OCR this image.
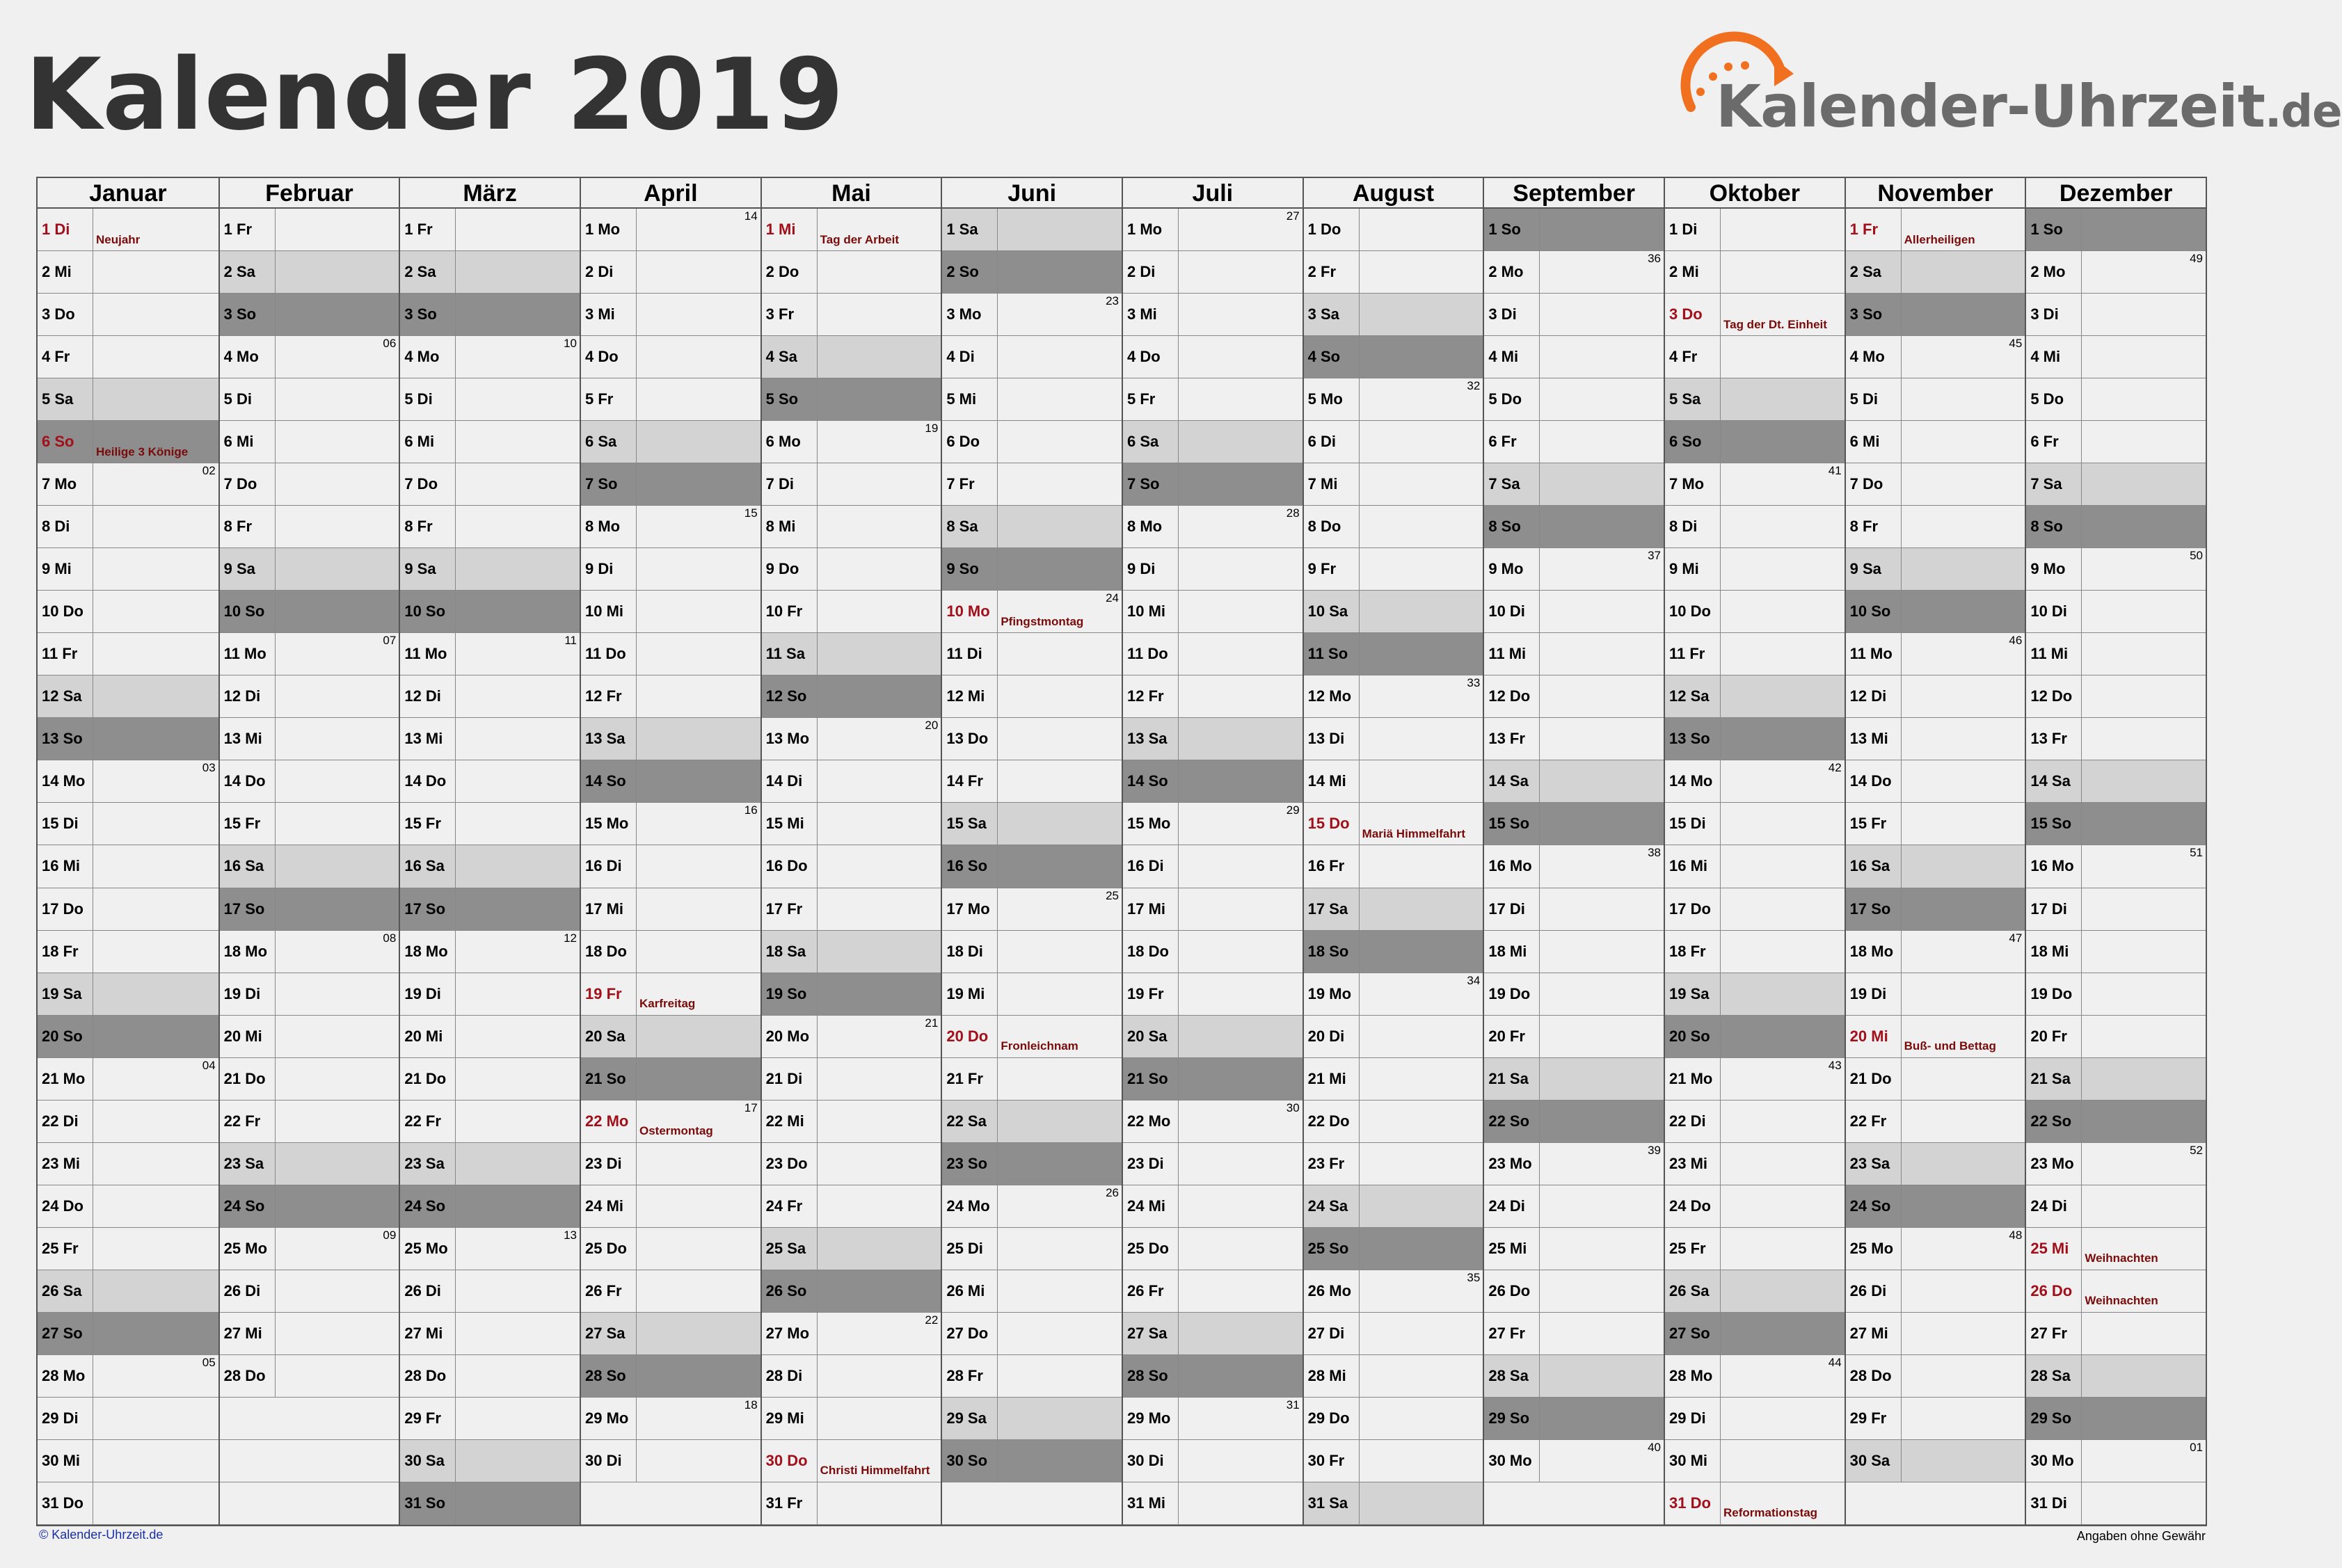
Kalender 2019	Kalender-Uhrzeit.de
Januar
1 Di
Neujahr
2 Mi
3 Do
4 Fr
5 Sa
6 So
Heilige 3 Könige
7 Mo
02
8 Di
9 Mi
10 Do
11 Fr
12 Sa
13 So
14 Mo
03
15 Di
16 Mi
17 Do
18 Fr
19 Sa
20 So
21 Mo
04
22 Di
23 Mi
24 Do
25 Fr
26 Sa
27 So
28 Mo
05
29 Di
30 Mi
31 Do
Februar
1 Fr
2 Sa
3 So
4 Mo
06
5 Di
6 Mi
7 Do
8 Fr
9 Sa
10 So
11 Mo
07
12 Di
13 Mi
14 Do
15 Fr
16 Sa
17 So
18 Mo
08
19 Di
20 Mi
21 Do
22 Fr
23 Sa
24 So
25 Mo
09
26 Di
27 Mi
28 Do
März
1 Fr
2 Sa
3 So
4 Mo
10
5 Di
6 Mi
7 Do
8 Fr
9 Sa
10 So
11 Mo
11
12 Di
13 Mi
14 Do
15 Fr
16 Sa
17 So
18 Mo
12
19 Di
20 Mi
21 Do
22 Fr
23 Sa
24 So
25 Mo
13
26 Di
27 Mi
28 Do
29 Fr
30 Sa
31 So
April
1 Mo
14
2 Di
3 Mi
4 Do
5 Fr
6 Sa
7 So
8 Mo
15
9 Di
10 Mi
11 Do
12 Fr
13 Sa
14 So
15 Mo
16
16 Di
17 Mi
18 Do
19 Fr
Karfreitag
20 Sa
21 So
22 Mo
Ostermontag
17
23 Di
24 Mi
25 Do
26 Fr
27 Sa
28 So
29 Mo
18
30 Di
Mai
1 Mi
Tag der Arbeit
2 Do
3 Fr
4 Sa
5 So
6 Mo
19
7 Di
8 Mi
9 Do
10 Fr
11 Sa
12 So
13 Mo
20
14 Di
15 Mi
16 Do
17 Fr
18 Sa
19 So
20 Mo
21
21 Di
22 Mi
23 Do
24 Fr
25 Sa
26 So
27 Mo
22
28 Di
29 Mi
30 Do
Christi Himmelfahrt
31 Fr
Juni
1 Sa
2 So
3 Mo
23
4 Di
5 Mi
6 Do
7 Fr
8 Sa
9 So
10 Mo
Pfingstmontag
24
11 Di
12 Mi
13 Do
14 Fr
15 Sa
16 So
17 Mo
25
18 Di
19 Mi
20 Do
Fronleichnam
21 Fr
22 Sa
23 So
24 Mo
26
25 Di
26 Mi
27 Do
28 Fr
29 Sa
30 So
Juli
1 Mo
27
2 Di
3 Mi
4 Do
5 Fr
6 Sa
7 So
8 Mo
28
9 Di
10 Mi
11 Do
12 Fr
13 Sa
14 So
15 Mo
29
16 Di
17 Mi
18 Do
19 Fr
20 Sa
21 So
22 Mo
30
23 Di
24 Mi
25 Do
26 Fr
27 Sa
28 So
29 Mo
31
30 Di
31 Mi
August
1 Do
2 Fr
3 Sa
4 So
5 Mo
32
6 Di
7 Mi
8 Do
9 Fr
10 Sa
11 So
12 Mo
33
13 Di
14 Mi
15 Do
Mariä Himmelfahrt
16 Fr
17 Sa
18 So
19 Mo
34
20 Di
21 Mi
22 Do
23 Fr
24 Sa
25 So
26 Mo
35
27 Di
28 Mi
29 Do
30 Fr
31 Sa
September
1 So
2 Mo
36
3 Di
4 Mi
5 Do
6 Fr
7 Sa
8 So
9 Mo
37
10 Di
11 Mi
12 Do
13 Fr
14 Sa
15 So
16 Mo
38
17 Di
18 Mi
19 Do
20 Fr
21 Sa
22 So
23 Mo
39
24 Di
25 Mi
26 Do
27 Fr
28 Sa
29 So
30 Mo
40
Oktober
1 Di
2 Mi
3 Do
Tag der Dt. Einheit
4 Fr
5 Sa
6 So
7 Mo
41
8 Di
9 Mi
10 Do
11 Fr
12 Sa
13 So
14 Mo
42
15 Di
16 Mi
17 Do
18 Fr
19 Sa
20 So
21 Mo
43
22 Di
23 Mi
24 Do
25 Fr
26 Sa
27 So
28 Mo
44
29 Di
30 Mi
31 Do
Reformationstag
November
1 Fr
Allerheiligen
2 Sa
3 So
4 Mo
45
5 Di
6 Mi
7 Do
8 Fr
9 Sa
10 So
11 Mo
46
12 Di
13 Mi
14 Do
15 Fr
16 Sa
17 So
18 Mo
47
19 Di
20 Mi
Buß- und Bettag
21 Do
22 Fr
23 Sa
24 So
25 Mo
48
26 Di
27 Mi
28 Do
29 Fr
30 Sa
Dezember
1 So
2 Mo
49
3 Di
4 Mi
5 Do
6 Fr
7 Sa
8 So
9 Mo
50
10 Di
11 Mi
12 Do
13 Fr
14 Sa
15 So
16 Mo
51
17 Di
18 Mi
19 Do
20 Fr
21 Sa
22 So
23 Mo
52
24 Di
25 Mi
Weihnachten
26 Do
Weihnachten
27 Fr
28 Sa
29 So
30 Mo
01
31 Di
© Kalender-Uhrzeit.de	Angaben ohne Gewähr
